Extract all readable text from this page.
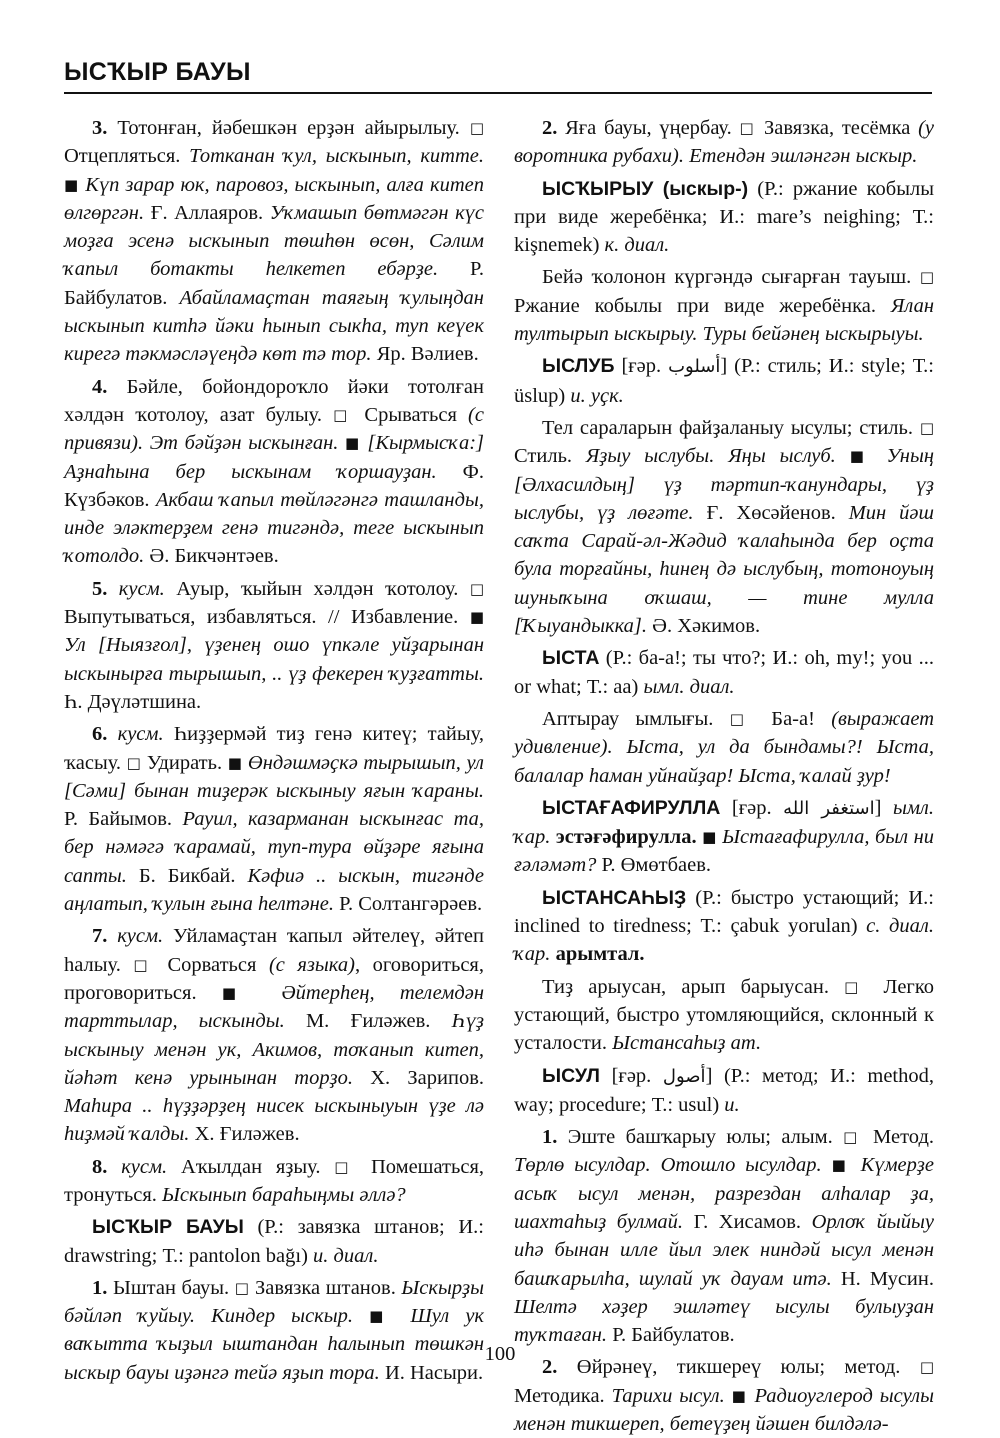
ЫСҠЫР БАУЫ

3. Тотонған, йәбешкән ерҙән айырылыу. □ Отцепляться. Тотканан ҡул, ыскынып, китте. ■ Күп зарар юк, паровоз, ыскынып, алға китеп өлгөргән. Ғ. Аллаяров. Уҡмашып бөтмәгән күс моҙға эсенә ыскынып төшһөн өсөн, Сәлим ҡапыл ботакты һелкетеп ебәрҙе. Р. Байбулатов. Абайламаҫтан таяғың ҡулыңдан ыскынып китһә йәки һынып сыкһа, туп кеүек кирегә тәкмәсләүеңдә көт тә тор. Яр. Вәлиев.

4. Бәйле, бойондороҡло йәки тотолған хәлдән ҡотолоу, азат булыу. □ Срываться (с привязи). Эт бәйҙән ыскынған. ■ [Кырмысҡа:] Аҙнаһына бер ыскынам ҡоршауҙан. Ф. Күзбәков. Акбаш ҡапыл төйләгәнгә ташланды, инде эләктерҙем генә тигәндә, теге ыскынып ҡотолдо. Ә. Бикчәнтәев.

5. кусм. Ауыр, ҡыйын хәлдән ҡотолоу. □ Выпутываться, избавляться. // Избавление. ■ Ул [Ныязғол], үҙенең ошо үпкәле уйҙарынан ыскынырға тырышып, .. үҙ фекерен ҡуҙғатты. Һ. Дәүләтшина.

6. кусм. Һиҙҙермәй тиҙ генә китеү; тайыу, ҡасыу. □ Удирать. ■ Өндәшмәҫкә тырышып, ул [Сәми] бынан тиҙерәк ыскыныу яғын ҡараны. Р. Байымов. Рауил, казарманан ыскынғас та, бер нәмәгә ҡарамай, туп-тура өйҙәре яғына сапты. Б. Бикбай. Кәфиә .. ыскын, тигәнде аңлатып, ҡулын ғына һелтәне. Р. Солтангәрәев.

7. кусм. Уйламаҫтан ҡапыл әйтелеү, әйтеп һалыу. □ Сорваться (с языка), оговориться, проговориться. ■ Әйтерһең, телемдән тарттылар, ыскынды. М. Ғиләжев. Һүҙ ыскыныу менән ук, Акимов, тоҡанып китеп, йәһәт кенә урынынан торҙо. Х. Зарипов. Маһира .. һүҙҙәрҙең нисек ыскыныуын үҙе лә һиҙмәй ҡалды. Х. Ғиләжев.

8. кусм. Аҡылдан яҙыу. □ Помешаться, тронуться. Ыскынып бараһыңмы әллә?

ЫСҠЫР БАУЫ (Р.: завязка штанов; И.: drawstring; Т.: pantolon bağı) и. диал.

1. Ыштан бауы. □ Завязка штанов. Ыскырҙы бәйләп ҡуйыу. Киндер ыскыр. ■ Шул ук ваҡытта ҡыҙыл ыштандан һалынып төшкән ыскыр бауы иҙәнгә тейә яҙып тора. И. Насыри.

2. Яға бауы, үңербау. □ Завязка, тесёмка (у воротника рубахи). Етендән эшләнгән ыскыр.

ЫСҠЫРЫУ (ыскыр-) (Р.: ржание кобылы при виде жеребёнка; И.: mare’s neighing; Т.: kişnemek) к. диал.

Бейә ҡолонон күргәндә сығарған тауыш. □ Ржание кобылы при виде жеребёнка. Ялан тултырып ыскырыу. Туры бейәнең ыскырыуы.

ЫСЛУБ [ғәр. أسلوب] (Р.: стиль; И.: style; Т.: üslup) и. уҫк.

Тел сараларын файҙаланыу ысулы; стиль. □ Стиль. Яҙыу ыслубы. Яңы ыслуб. ■ Уның [Әлхасилдың] үҙ тәртип-ҡанундары, үҙ ыслубы, үҙ лөғәте. Ғ. Хөсәйенов. Мин йәш саҡта Сарай-әл-Жәдид ҡалаһында бер оҫта була торғайны, һинең дә ыслубың, тотоноуың шуныҡына оҡшаш, — тине мулла [Ҡыуандыкка]. Ә. Хәкимов.

ЫСТА (Р.: ба-а!; ты что?; И.: oh, my!; you ... or what; Т.: aa) ымл. диал.

Аптырау ымлығы. □ Ба-а! (выражает удивление). Ыста, ул да бындамы?! Ыста, балалар һаман уйнайҙар! Ыста, ҡалай ҙур!

ЫСТАҒАФИРУЛЛА [ғәр. استغفر الله] ымл. ҡар. эстәғәфирулла. ■ Ыстағафирулла, был ни ғәләмәт? Р. Өмөтбаев.

ЫСТАНСАҺЫҘ (Р.: быстро устающий; И.: inclined to tiredness; Т.: çabuk yorulan) с. диал. ҡар. арымтал.

Тиҙ арыусан, арып барыусан. □ Легко устающий, быстро утомляющийся, склонный к усталости. Ыстансаһыҙ ат.

ЫСУЛ [ғәр. أصول] (Р.: метод; И.: method, way; procedure; Т.: usul) и.

1. Эште башҡарыу юлы; алым. □ Метод. Төрлө ысулдар. Отошло ысулдар. ■ Күмерҙе асыҡ ысул менән, разрездан алһалар ҙа, шахтаһыҙ булмай. Г. Хисамов. Орлоҡ йыйыу иһә бынан илле йыл элек ниндәй ысул менән башҡарылһа, шулай уҡ дауам итә. Н. Мусин. Шелтә хәҙер эшләтеү ысулы булыуҙан туҡтаған. Р. Байбулатов.

2. Өйрәнеү, тикшереү юлы; метод. □ Методика. Тарихи ысул. ■ Радиоуглерод ысулы менән тикшереп, бетеүҙең йәшен билдәлә-

100
